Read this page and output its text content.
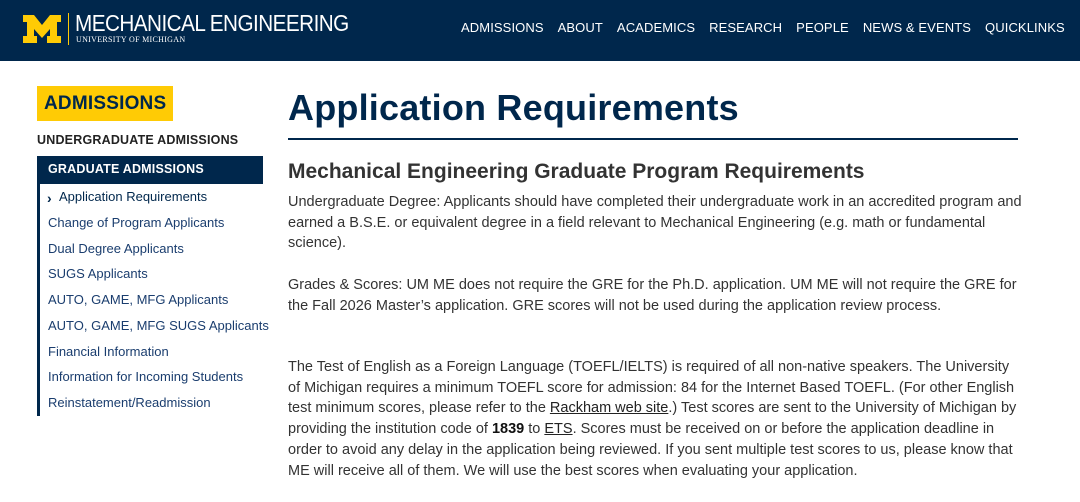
MECHANICAL ENGINEERING
UNIVERSITY OF MICHIGAN
ADMISSIONS ABOUT ACADEMICS RESEARCH PEOPLE NEWS & EVENTS QUICKLINKS
ADMISSIONS
UNDERGRADUATE ADMISSIONS
GRADUATE ADMISSIONS
› Application Requirements
Change of Program Applicants
Dual Degree Applicants
SUGS Applicants
AUTO, GAME, MFG Applicants
AUTO, GAME, MFG SUGS Applicants
Financial Information
Information for Incoming Students
Reinstatement/Readmission
Application Requirements
Mechanical Engineering Graduate Program Requirements

Undergraduate Degree: Applicants should have completed their undergraduate work in an accredited program and earned a B.S.E. or equivalent degree in a field relevant to Mechanical Engineering (e.g. math or fundamental science).

Grades & Scores: UM ME does not require the GRE for the Ph.D. application. UM ME will not require the GRE for the Fall 2026 Master’s application. GRE scores will not be used during the application review process.

The Test of English as a Foreign Language (TOEFL/IELTS) is required of all non-native speakers. The University of Michigan requires a minimum TOEFL score for admission: 84 for the Internet Based TOEFL. (For other English test minimum scores, please refer to the Rackham web site.) Test scores are sent to the University of Michigan by providing the institution code of 1839 to ETS. Scores must be received on or before the application deadline in order to avoid any delay in the application being reviewed. If you sent multiple test scores to us, please know that ME will receive all of them. We will use the best scores when evaluating your application.
